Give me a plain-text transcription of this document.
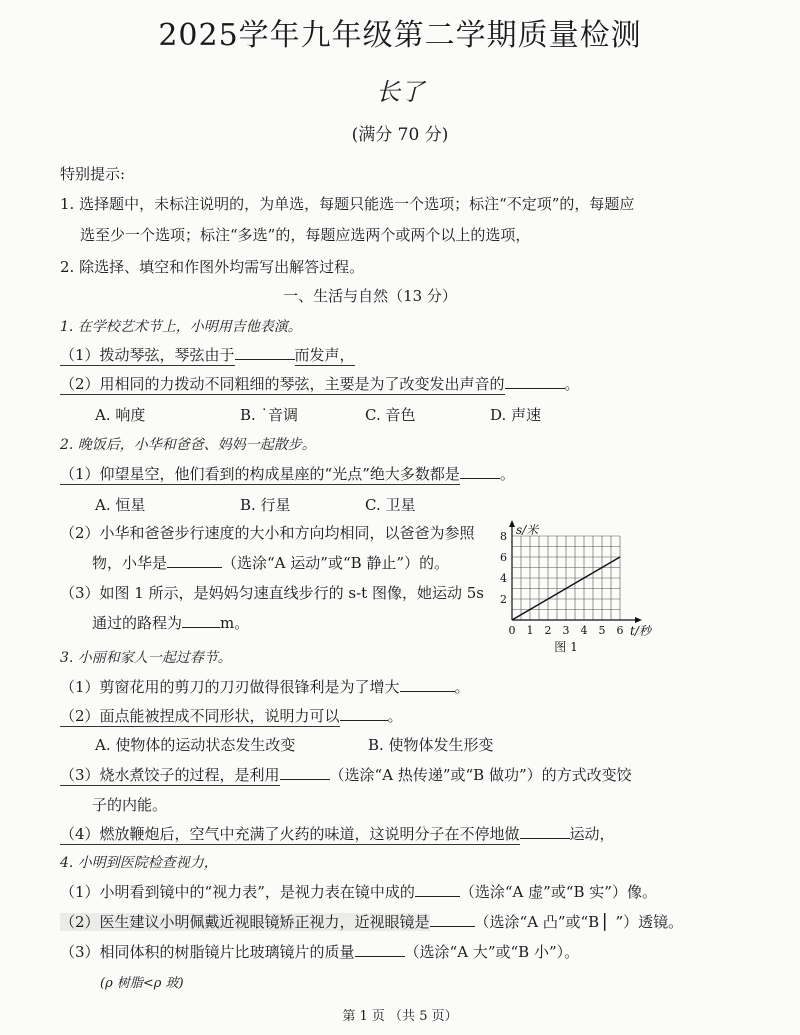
2025学年九年级第二学期质量检测
长了
(满分 70 分)
特别提示:
1. 选择题中，未标注说明的，为单选，每题只能选一个选项；标注“不定项”的，每题应
选至少一个选项；标注“多选”的，每题应选两个或两个以上的选项，
2. 除选择、填空和作图外均需写出解答过程。
一、生活与自然（13 分）
1. 在学校艺术节上，小明用吉他表演。
（1）拨动琴弦，琴弦由于	而发声，
（2）用相同的力拨动不同粗细的琴弦，主要是为了改变发出声音的	。
A. 响度	B. ˙音调	C. 音色	D. 声速
2. 晚饭后，小华和爸爸、妈妈一起散步。
（1）仰望星空，他们看到的构成星座的“光点”绝大多数都是	。
A. 恒星	B. 行星	C. 卫星
（2）小华和爸爸步行速度的大小和方向均相同，以爸爸为参照
物，小华是	（选涂“A 运动”或“B 静止”）的。
（3）如图 1 所示，是妈妈匀速直线步行的 s-t 图像，她运动 5s
通过的路程为	m。	0 1 2 3 4 5 6
2
4
6
8
t/秒
s/米
图 1
3. 小丽和家人一起过春节。
（1）剪窗花用的剪刀的刀刃做得很锋利是为了增大	。
（2）面点能被捏成不同形状，说明力可以	。
A. 使物体的运动状态发生改变	B. 使物体发生形变
（3）烧水煮饺子的过程，是利用	（选涂“A 热传递”或“B 做功”）的方式改变饺
子的内能。
（4）燃放鞭炮后，空气中充满了火药的味道，这说明分子在不停地做	运动，
4. 小明到医院检查视力，
（1）小明看到镜中的“视力表”，是视力表在镜中成的	（选涂“A 虚”或“B 实”）像。
（2）医生建议小明佩戴近视眼镜矫正视力，近视眼镜是	（选涂“A 凸”或“B ▏”）透镜。
（3）相同体积的树脂镜片比玻璃镜片的质量	（选涂“A 大”或“B 小”）。
(ρ 树脂<ρ 玻)
第 1 页 （共 5 页）
